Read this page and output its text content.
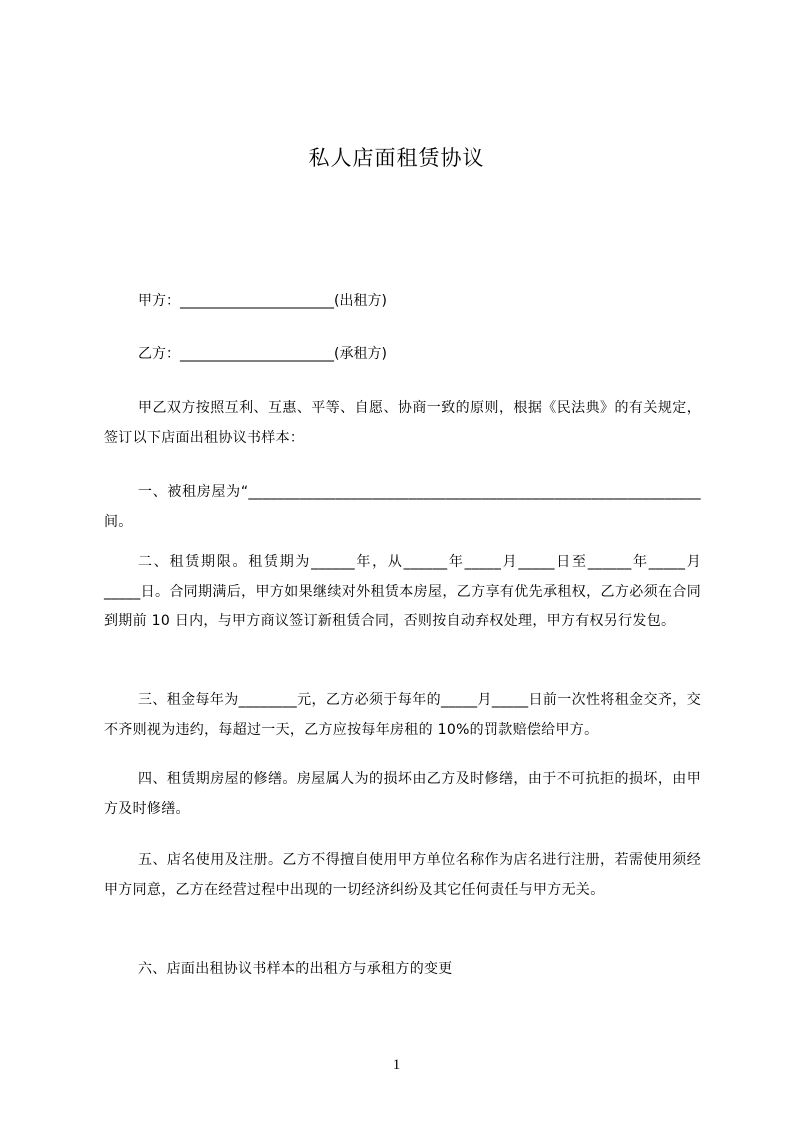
私人店面租赁协议
甲方：______________________(出租方)
乙方：______________________(承租方)
甲乙双方按照互利、互惠、平等、自愿、协商一致的原则，根据《民法典》的有关规定，签订以下店面出租协议书样本：
一、被租房屋为“______________________________________________________________间。
二、租赁期限。租赁期为______年，从______年_____月_____日至______年_____月_____日。合同期满后，甲方如果继续对外租赁本房屋，乙方享有优先承租权，乙方必须在合同到期前 10 日内，与甲方商议签订新租赁合同，否则按自动弃权处理，甲方有权另行发包。
三、租金每年为________元，乙方必须于每年的_____月_____日前一次性将租金交齐，交不齐则视为违约，每超过一天，乙方应按每年房租的 10%的罚款赔偿给甲方。
四、租赁期房屋的修缮。房屋属人为的损坏由乙方及时修缮，由于不可抗拒的损坏，由甲方及时修缮。
五、店名使用及注册。乙方不得擅自使用甲方单位名称作为店名进行注册，若需使用须经甲方同意，乙方在经营过程中出现的一切经济纠纷及其它任何责任与甲方无关。
六、店面出租协议书样本的出租方与承租方的变更
1
